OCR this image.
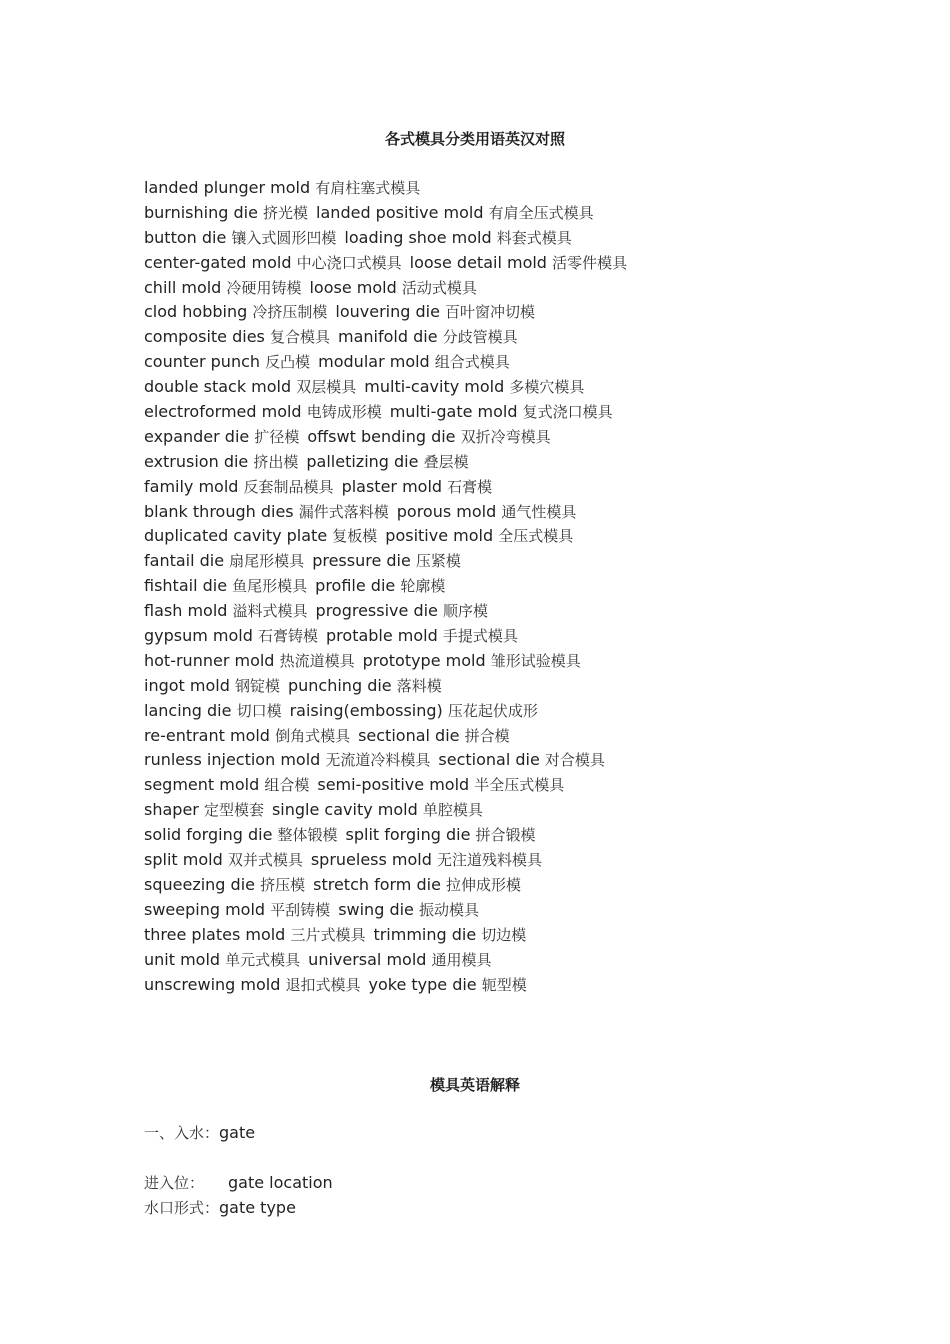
各式模具分类用语英汉对照
landed plunger mold 有肩柱塞式模具
burnishing die 挤光模 landed positive mold 有肩全压式模具
button die 镶入式圆形凹模 loading shoe mold 料套式模具
center-gated mold 中心浇口式模具 loose detail mold 活零件模具
chill mold 冷硬用铸模 loose mold 活动式模具
clod hobbing 冷挤压制模 louvering die 百叶窗冲切模
composite dies 复合模具 manifold die 分歧管模具
counter punch 反凸模 modular mold 组合式模具
double stack mold 双层模具 multi-cavity mold 多模穴模具
electroformed mold 电铸成形模 multi-gate mold 复式浇口模具
expander die 扩径模 offswt bending die 双折冷弯模具
extrusion die 挤出模 palletizing die 叠层模
family mold 反套制品模具 plaster mold 石膏模
blank through dies 漏件式落料模 porous mold 通气性模具
duplicated cavity plate 复板模 positive mold 全压式模具
fantail die 扇尾形模具 pressure die 压紧模
fishtail die 鱼尾形模具 profile die 轮廓模
flash mold 溢料式模具 progressive die 顺序模
gypsum mold 石膏铸模 protable mold 手提式模具
hot-runner mold 热流道模具 prototype mold 雏形试验模具
ingot mold 钢锭模 punching die 落料模
lancing die 切口模 raising(embossing) 压花起伏成形
re-entrant mold 倒角式模具 sectional die 拼合模
runless injection mold 无流道冷料模具 sectional die 对合模具
segment mold 组合模 semi-positive mold 半全压式模具
shaper 定型模套 single cavity mold 单腔模具
solid forging die 整体锻模 split forging die 拼合锻模
split mold 双并式模具 sprueless mold 无注道残料模具
squeezing die 挤压模 stretch form die 拉伸成形模
sweeping mold 平刮铸模 swing die 振动模具
three plates mold 三片式模具 trimming die 切边模
unit mold 单元式模具 universal mold 通用模具
unscrewing mold 退扣式模具 yoke type die 轭型模
模具英语解释
一、入水：gate
进入位： gate location
水口形式：gate type
